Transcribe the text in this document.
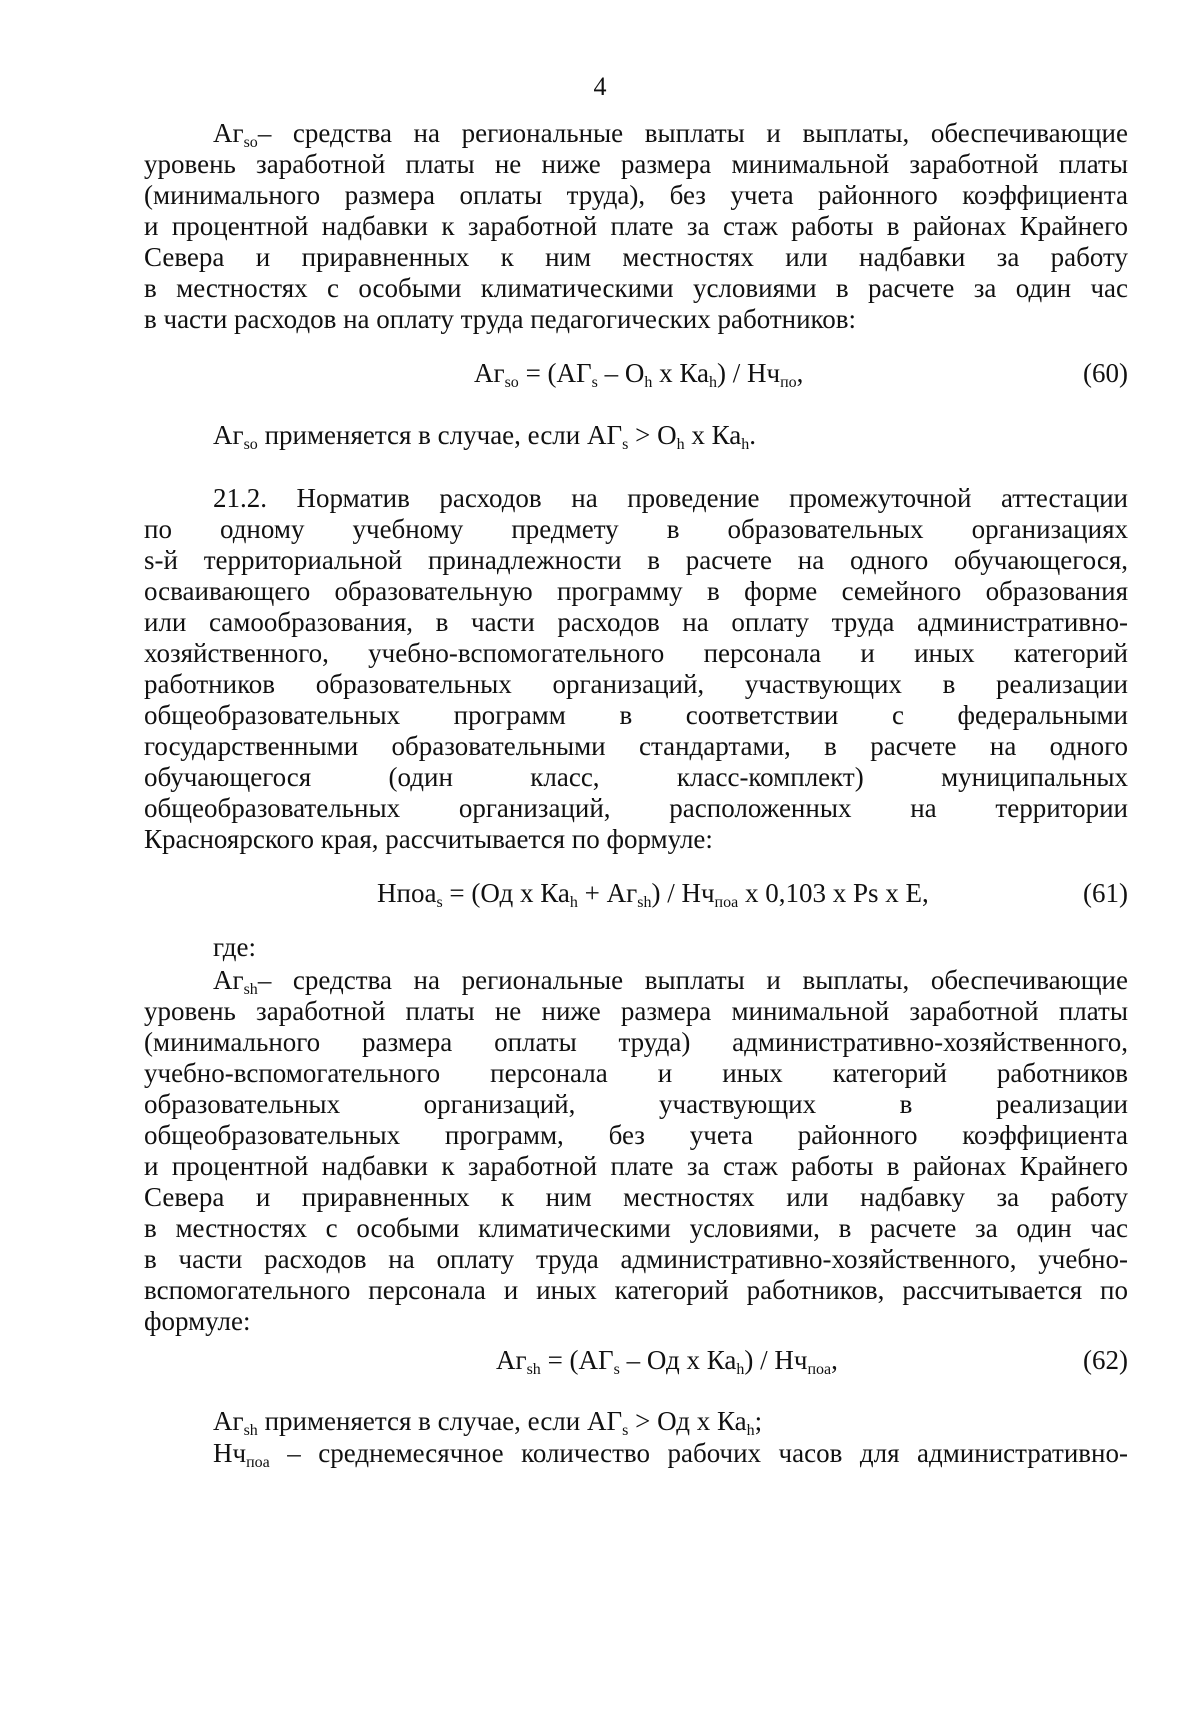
4
$Аг_{so}-$ средства на региональные выплаты и выплаты, обеспечивающие
уровень заработной платы не ниже размера минимальной заработной платы
(минимального размера оплаты труда), без учета районного коэффициента
и процентной надбавки к заработной плате за стаж работы в районах Крайнего
Севера и приравненных к ним местностях или надбавки за работу
в местностях с особыми климатическими условиями в расчете за один час
в части расходов на оплату труда педагогических работников:
$Аг_{so} = (АГ_s - O_h$ x $Ка_h) / Нч_{по}$,	(60)
$Аг_{so}$ применяется в случае, если $АГ_s > O_h$ x $Ка_h$.
21.2. Норматив расходов на проведение промежуточной аттестации
по одному учебному предмету в образовательных организациях
s-й территориальной принадлежности в расчете на одного обучающегося,
осваивающего образовательную программу в форме семейного образования
или самообразования, в части расходов на оплату труда административно-
хозяйственного, учебно-вспомогательного персонала и иных категорий
работников образовательных организаций, участвующих в реализации
общеобразовательных программ в соответствии с федеральными
государственными образовательными стандартами, в расчете на одного
обучающегося (один класс, класс-комплект) муниципальных
общеобразовательных организаций, расположенных на территории
Красноярского края, рассчитывается по формуле:
Нпоа$_s$ = (Од x $Ка_h + Аг_{sh}) / Нч_{поа}$ x 0,103 x Ps x E,	(61)
где:
$Аг_{sh}-$ средства на региональные выплаты и выплаты, обеспечивающие
уровень заработной платы не ниже размера минимальной заработной платы
(минимального размера оплаты труда) административно-хозяйственного,
учебно-вспомогательного персонала и иных категорий работников
образовательных организаций, участвующих в реализации
общеобразовательных программ, без учета районного коэффициента
и процентной надбавки к заработной плате за стаж работы в районах Крайнего
Севера и приравненных к ним местностях или надбавку за работу
в местностях с особыми климатическими условиями, в расчете за один час
в части расходов на оплату труда административно-хозяйственного, учебно-
вспомогательного персонала и иных категорий работников, рассчитывается по
формуле:
$Аг_{sh} = (АГ_s$ – Од x $Ка_h) / Нч_{поа}$,	(62)
$Аг_{sh}$ применяется в случае, если $АГ_s$ > Од x $Ка_h$;
$Нч_{поа}$ – среднемесячное количество рабочих часов для административно-
